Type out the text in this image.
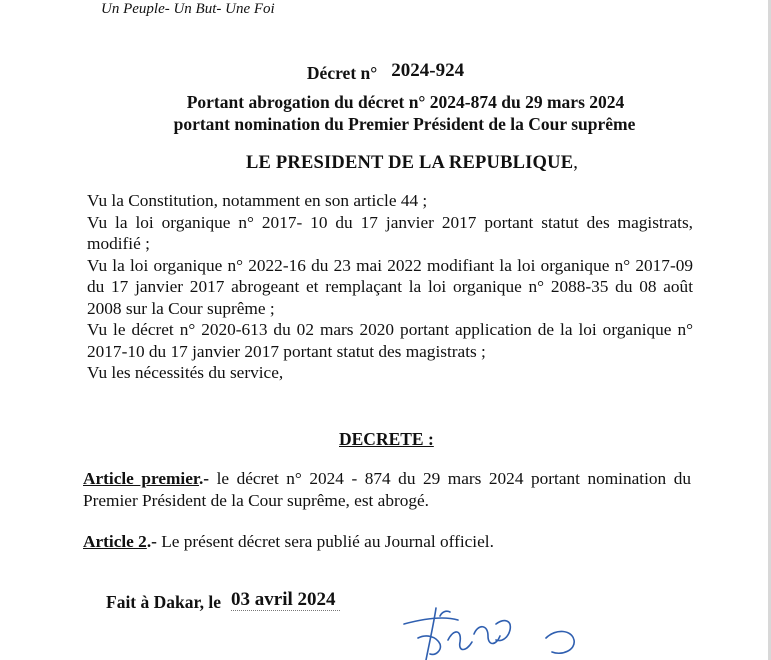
Un Peuple- Un But- Une Foi
Décret n° 2024-924
Portant abrogation du décret n° 2024-874 du 29 mars 2024
portant nomination du Premier Président de la Cour suprême
LE PRESIDENT DE LA REPUBLIQUE,

Vu la Constitution, notamment en son article 44 ;

Vu la loi organique n° 2017- 10 du 17 janvier 2017 portant statut des magistrats, modifié ;

Vu la loi organique n° 2022-16 du 23 mai 2022 modifiant la loi organique n° 2017-09 du 17 janvier 2017 abrogeant et remplaçant la loi organique n° 2088-35 du 08 août 2008 sur la Cour suprême ;

Vu le décret n° 2020-613 du 02 mars 2020 portant application de la loi organique n° 2017-10 du 17 janvier 2017 portant statut des magistrats ;

Vu les nécessités du service,

DECRETE :
Article premier.- le décret n° 2024 - 874 du 29 mars 2024 portant nomination du Premier Président de la Cour suprême, est abrogé.
Article 2.- Le présent décret sera publié au Journal officiel.
Fait à Dakar, le 03 avril 2024
